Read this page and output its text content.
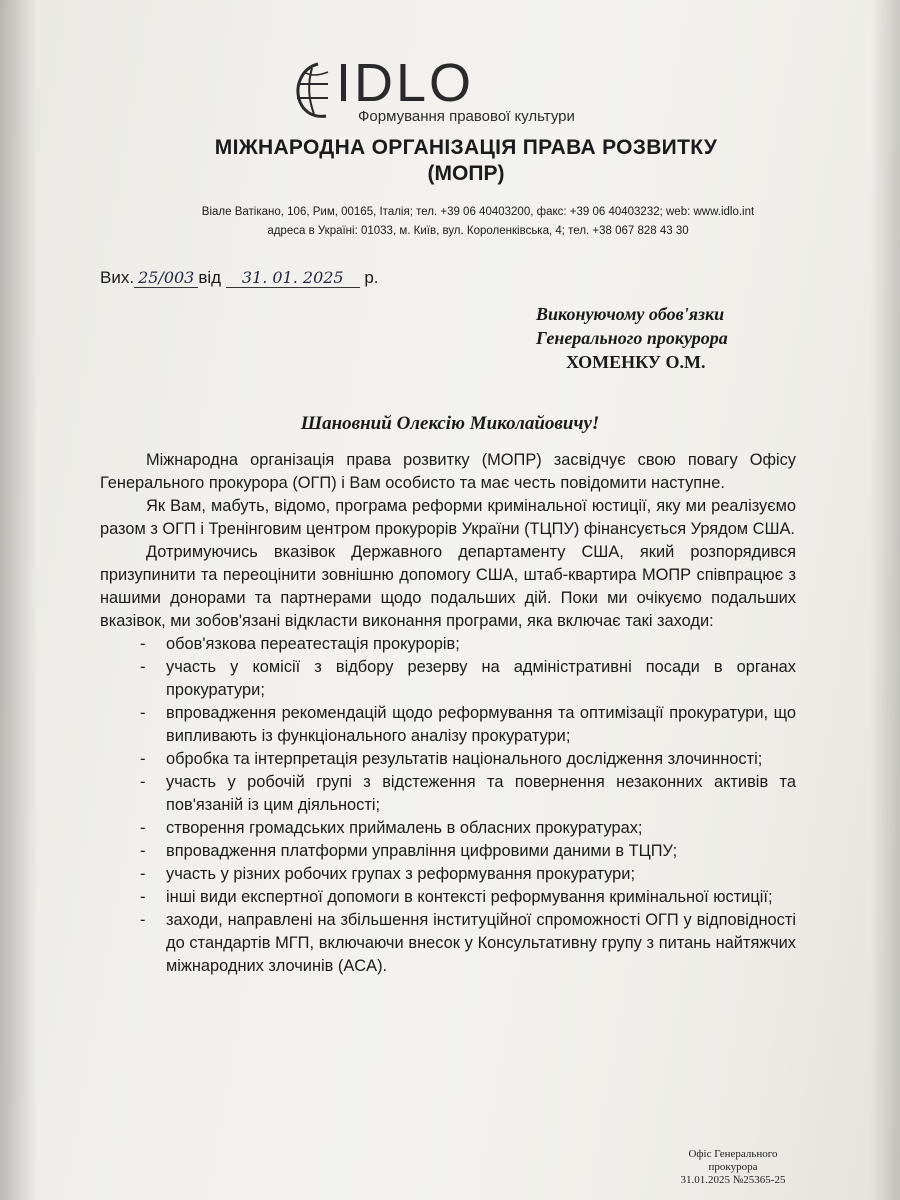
IDLO
Формування правової культури
МІЖНАРОДНА ОРГАНІЗАЦІЯ ПРАВА РОЗВИТКУ
(МОПР)
Віале Ватікано, 106, Рим, 00165, Італія; тел. +39 06 40403200, факс: +39 06 40403232; web: www.idlo.int
адреса в Україні: 01033, м. Київ, вул. Короленківська, 4; тел. +38 067 828 43 30
Вих. 25/003 від 31. 01. 2025 р.
Виконуючому обов'язки
Генерального прокурора
ХОМЕНКУ О.М.
Шановний Олексію Миколайовичу!

Міжнародна організація права розвитку (МОПР) засвідчує свою повагу Офісу Генерального прокурора (ОГП) і Вам особисто та має честь повідомити наступне.

Як Вам, мабуть, відомо, програма реформи кримінальної юстиції, яку ми реалізуємо разом з ОГП і Тренінговим центром прокурорів України (ТЦПУ) фінансується Урядом США.

Дотримуючись вказівок Державного департаменту США, який розпорядився призупинити та переоцінити зовнішню допомогу США, штаб-квартира МОПР співпрацює з нашими донорами та партнерами щодо подальших дій. Поки ми очікуємо подальших вказівок, ми зобов'язані відкласти виконання програми, яка включає такі заходи:

- обов'язкова переатестація прокурорів;
- участь у комісії з відбору резерву на адміністративні посади в органах прокуратури;
- впровадження рекомендацій щодо реформування та оптимізації прокуратури, що випливають із функціонального аналізу прокуратури;
- обробка та інтерпретація результатів національного дослідження злочинності;
- участь у робочій групі з відстеження та повернення незаконних активів та пов'язаній із цим діяльності;
- створення громадських приймалень в обласних прокуратурах;
- впровадження платформи управління цифровими даними в ТЦПУ;
- участь у різних робочих групах з реформування прокуратури;
- інші види експертної допомоги в контексті реформування кримінальної юстиції;
- заходи, направлені на збільшення інституційної спроможності ОГП у відповідності до стандартів МГП, включаючи внесок у Консультативну групу з питань найтяжчих міжнародних злочинів (ACA).
Офіс Генерального
прокурора
31.01.2025 №25365-25
